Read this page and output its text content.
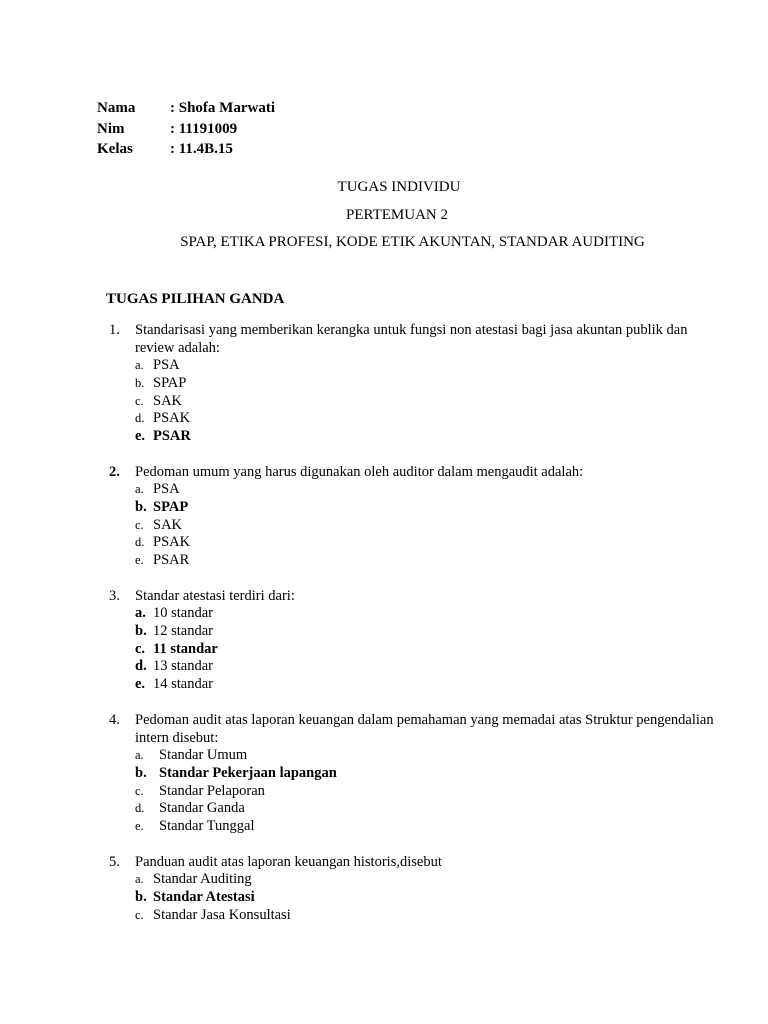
Nama	: Shofa Marwati
Nim	: 11191009
Kelas	: 11.4B.15
TUGAS INDIVIDU
PERTEMUAN 2
SPAP, ETIKA PROFESI, KODE ETIK AKUNTAN, STANDAR AUDITING
TUGAS PILIHAN GANDA
1.	Standarisasi yang memberikan kerangka untuk fungsi non atestasi bagi jasa akuntan publik dan review adalah:
a. PSA
b. SPAP
c. SAK
d. PSAK
e. PSAR
2.	Pedoman umum yang harus digunakan oleh auditor dalam mengaudit adalah:
a. PSA
b. SPAP
c. SAK
d. PSAK
e. PSAR
3.	Standar atestasi terdiri dari:
a. 10 standar
b. 12 standar
c. 11 standar
d. 13 standar
e. 14 standar
4.	Pedoman audit atas laporan keuangan dalam pemahaman yang memadai atas Struktur pengendalian intern disebut:
a.	Standar Umum
b. Standar Pekerjaan lapangan
c.	Standar Pelaporan
d.	Standar Ganda
e.	Standar Tunggal
5.	Panduan audit atas laporan keuangan historis,disebut
a. Standar Auditing
b. Standar Atestasi
c. Standar Jasa Konsultasi
